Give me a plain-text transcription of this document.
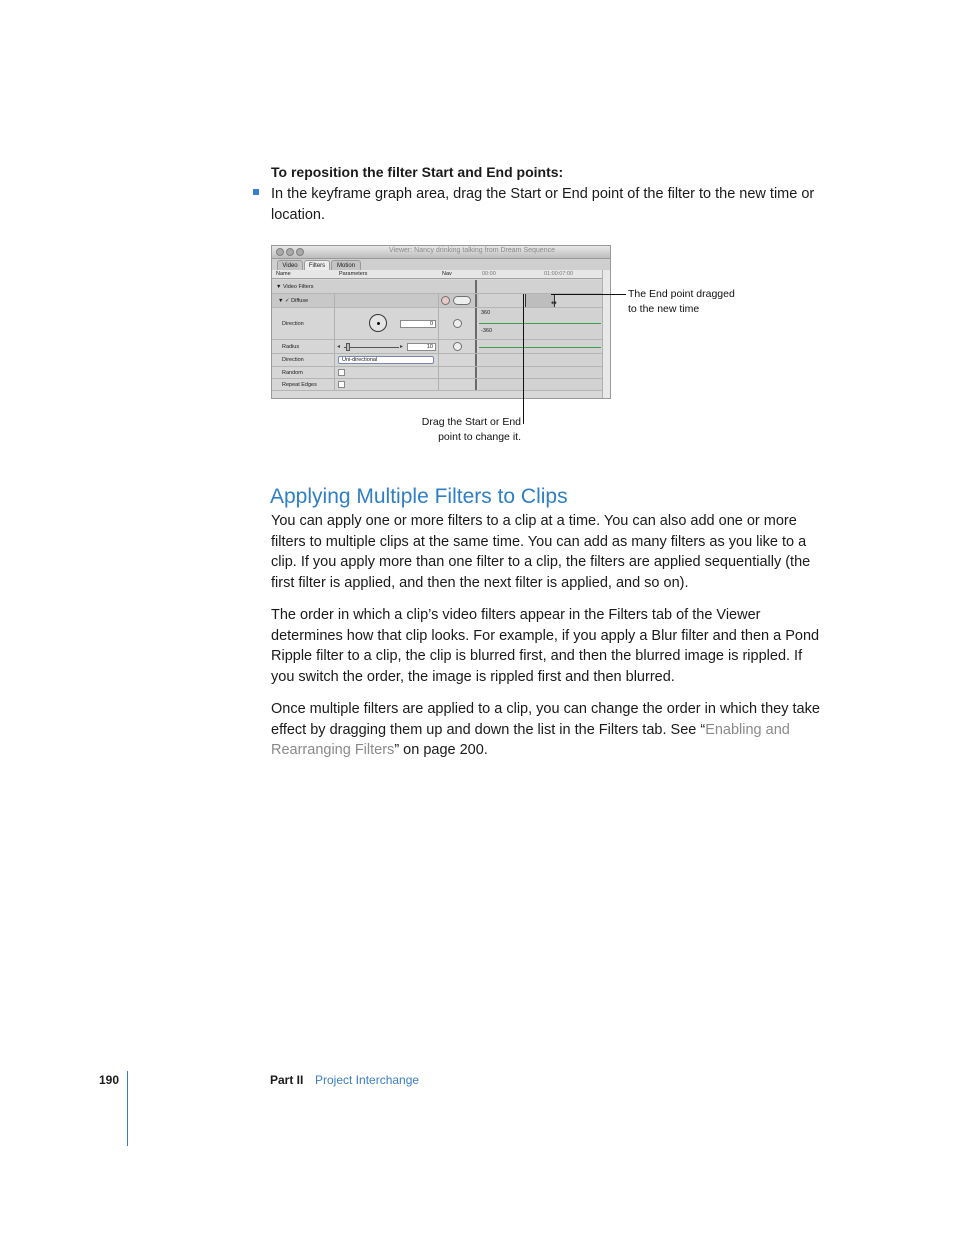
To reposition the filter Start and End points:
In the keyframe graph area, drag the Start or End point of the filter to the new time or location.
Viewer: Nancy drinking talking from Dream Sequence
Video	Filters	Motion
Name	Parameters	Nav	00:00	01:00:07:00
▼ Video Filters
▼ ✓ Diffuse	⇹
Direction	0
360
-360
Radius	◂	▸	10
Direction	Uni-directional
Random
Repeat Edges
The End point dragged
to the new time
Drag the Start or End
point to change it.
Applying Multiple Filters to Clips
You can apply one or more filters to a clip at a time. You can also add one or more filters to multiple clips at the same time. You can add as many filters as you like to a clip. If you apply more than one filter to a clip, the filters are applied sequentially (the first filter is applied, and then the next filter is applied, and so on).
The order in which a clip’s video filters appear in the Filters tab of the Viewer determines how that clip looks. For example, if you apply a Blur filter and then a Pond Ripple filter to a clip, the clip is blurred first, and then the blurred image is rippled. If you switch the order, the image is rippled first and then blurred.
Once multiple filters are applied to a clip, you can change the order in which they take effect by dragging them up and down the list in the Filters tab. See “Enabling and Rearranging Filters” on page 200.
190	Part II Project Interchange
